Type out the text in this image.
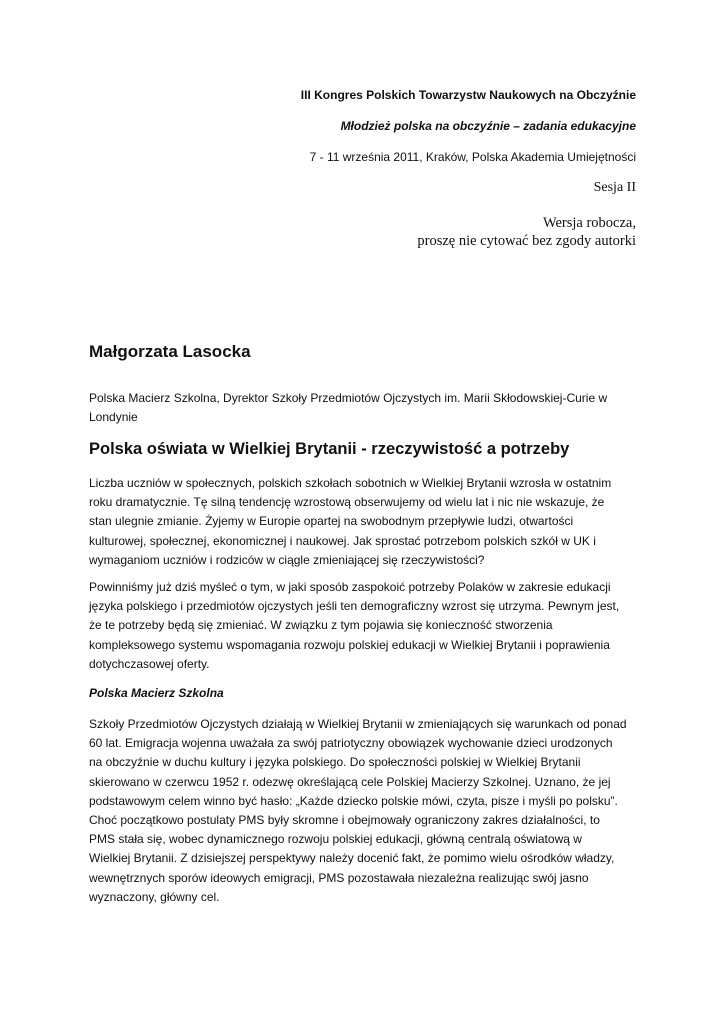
III Kongres Polskich Towarzystw Naukowych na Obczyźnie
Młodzież polska na obczyźnie – zadania edukacyjne
7 - 11 września 2011, Kraków, Polska Akademia Umiejętności
Sesja II
Wersja robocza,
proszę nie cytować bez zgody autorki
Małgorzata Lasocka
Polska Macierz Szkolna, Dyrektor Szkoły Przedmiotów Ojczystych im. Marii Skłodowskiej-Curie w
Londynie
Polska oświata w Wielkiej Brytanii - rzeczywistość a potrzeby

Liczba uczniów w społecznych, polskich szkołach sobotnich w Wielkiej Brytanii wzrosła w ostatnim
roku dramatycznie. Tę silną tendencję wzrostową obserwujemy od wielu lat i nic nie wskazuje, że
stan ulegnie zmianie. Żyjemy w Europie opartej na swobodnym przepływie ludzi, otwartości
kulturowej, społecznej, ekonomicznej i naukowej. Jak sprostać potrzebom polskich szkół w UK i
wymaganiom uczniów i rodziców w ciągle zmieniającej się rzeczywistości?

Powinniśmy już dziś myśleć o tym, w jaki sposób zaspokoić potrzeby Polaków w zakresie edukacji
języka polskiego i przedmiotów ojczystych jeśli ten demograficzny wzrost się utrzyma. Pewnym jest,
że te potrzeby będą się zmieniać. W związku z tym pojawia się konieczność stworzenia
kompleksowego systemu wspomagania rozwoju polskiej edukacji w Wielkiej Brytanii i poprawienia
dotychczasowej oferty.

Polska Macierz Szkolna

Szkoły Przedmiotów Ojczystych działają w Wielkiej Brytanii w zmieniających się warunkach od ponad
60 lat. Emigracja wojenna uważała za swój patriotyczny obowiązek wychowanie dzieci urodzonych
na obczyźnie w duchu kultury i języka polskiego. Do społeczności polskiej w Wielkiej Brytanii
skierowano w czerwcu 1952 r. odezwę określającą cele Polskiej Macierzy Szkolnej. Uznano, że jej
podstawowym celem winno być hasło: „Każde dziecko polskie mówi, czyta, pisze i myśli po polsku”.
Choć początkowo postulaty PMS były skromne i obejmowały ograniczony zakres działalności, to
PMS stała się, wobec dynamicznego rozwoju polskiej edukacji, główną centralą oświatową w
Wielkiej Brytanii. Z dzisiejszej perspektywy należy docenić fakt, że pomimo wielu ośrodków władzy,
wewnętrznych sporów ideowych emigracji, PMS pozostawała niezależna realizując swój jasno
wyznaczony, główny cel.
